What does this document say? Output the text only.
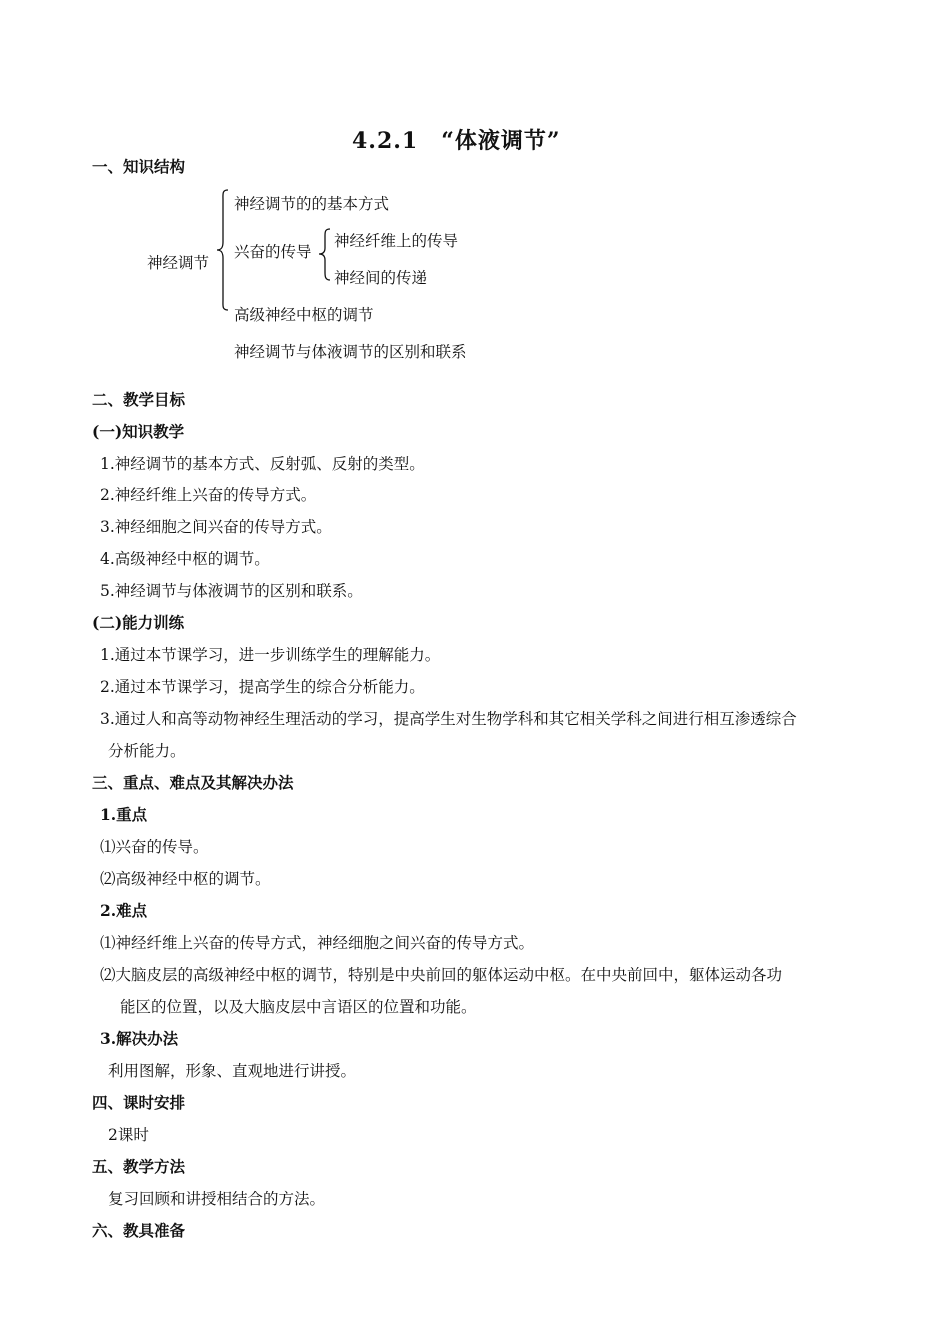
4.2.1　“体液调节”
一、知识结构
神经调节
神经调节的的基本方式
兴奋的传导
神经纤维上的传导
神经间的传递
高级神经中枢的调节
神经调节与体液调节的区别和联系
二、教学目标
(一)知识教学
1.神经调节的基本方式、反射弧、反射的类型。
2.神经纤维上兴奋的传导方式。
3.神经细胞之间兴奋的传导方式。
4.高级神经中枢的调节。
5.神经调节与体液调节的区别和联系。
(二)能力训练
1.通过本节课学习，进一步训练学生的理解能力。
2.通过本节课学习，提高学生的综合分析能力。
3.通过人和高等动物神经生理活动的学习，提高学生对生物学科和其它相关学科之间进行相互渗透综合
分析能力。
三、重点、难点及其解决办法
1.重点
⑴兴奋的传导。
⑵高级神经中枢的调节。
2.难点
⑴神经纤维上兴奋的传导方式，神经细胞之间兴奋的传导方式。
⑵大脑皮层的高级神经中枢的调节，特别是中央前回的躯体运动中枢。在中央前回中，躯体运动各功
能区的位置，以及大脑皮层中言语区的位置和功能。
3.解决办法
利用图解，形象、直观地进行讲授。
四、课时安排
2课时
五、教学方法
复习回顾和讲授相结合的方法。
六、教具准备
